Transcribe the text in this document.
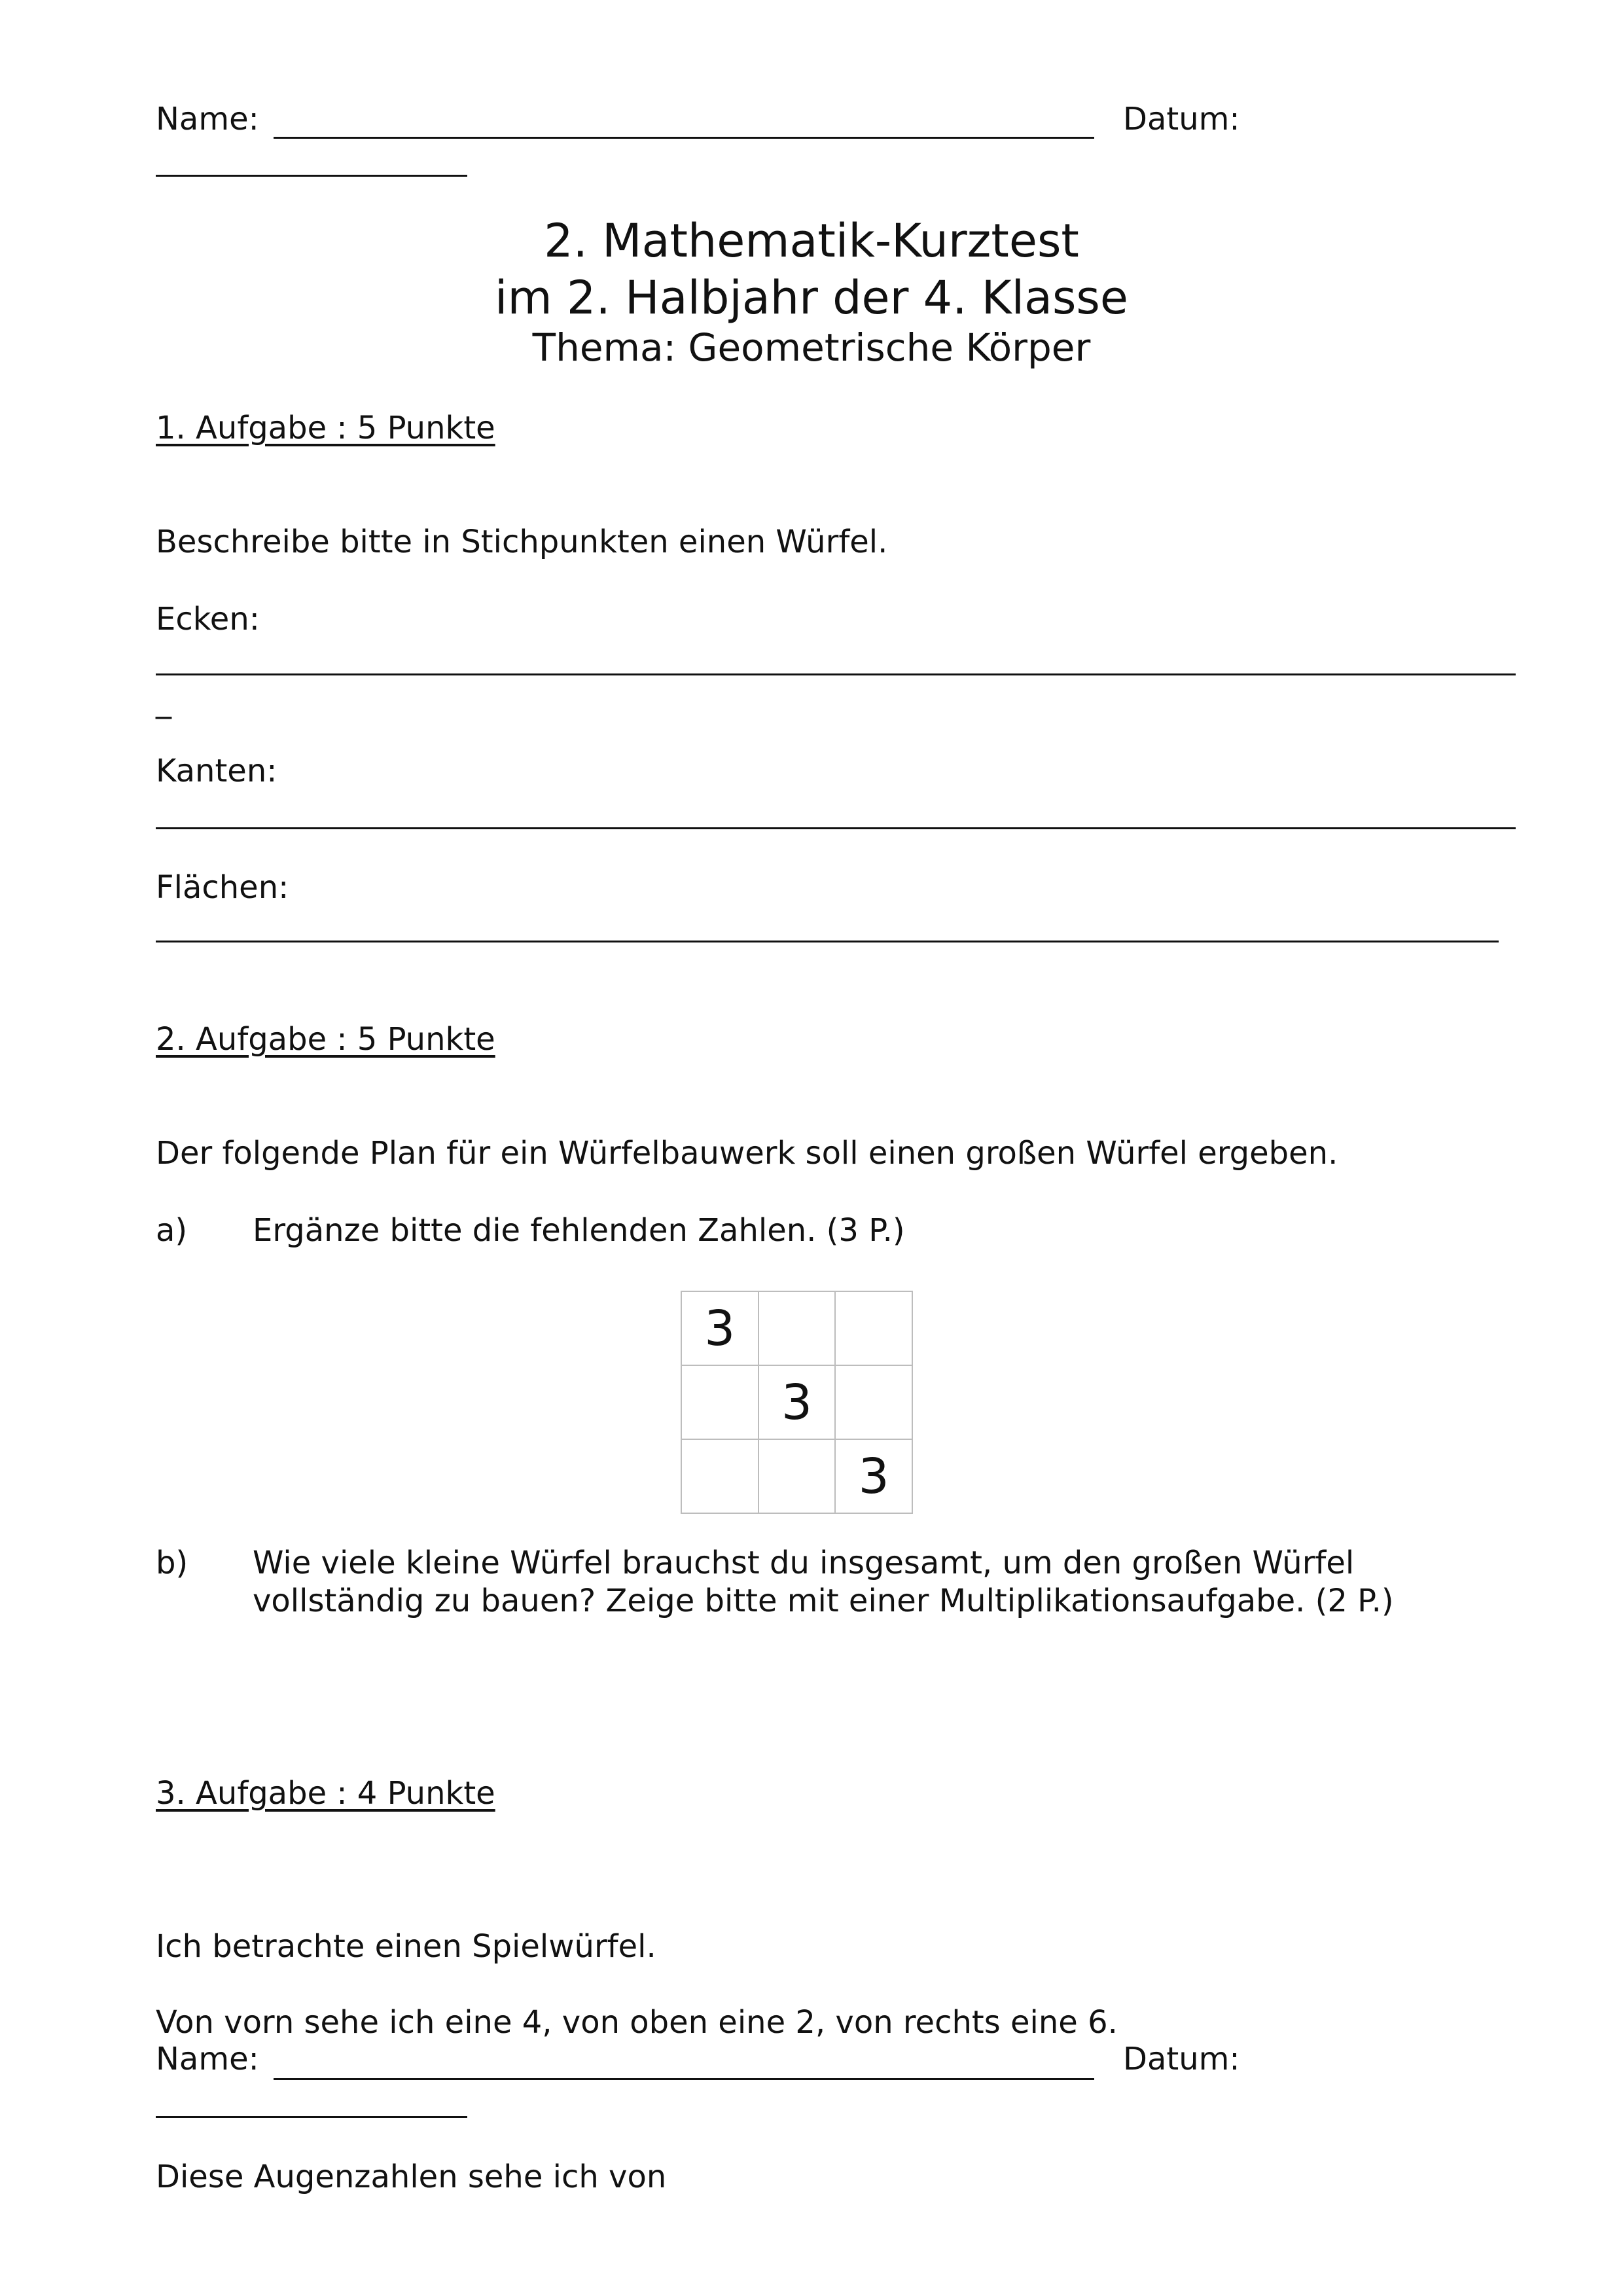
Name:	Datum:
2. Mathematik-Kurztest
im 2. Halbjahr der 4. Klasse
Thema: Geometrische Körper
1. Aufgabe : 5 Punkte
Beschreibe bitte in Stichpunkten einen Würfel.
Ecken:
_
Kanten:
Flächen:
2. Aufgabe : 5 Punkte
Der folgende Plan für ein Würfelbauwerk soll einen großen Würfel ergeben.
a) Ergänze bitte die fehlenden Zahlen. (3 P.)
3		
	3	
		3
b) Wie viele kleine Würfel brauchst du insgesamt, um den großen Würfel
vollständig zu bauen? Zeige bitte mit einer Multiplikationsaufgabe. (2 P.)
3. Aufgabe : 4 Punkte
Ich betrachte einen Spielwürfel.
Von vorn sehe ich eine 4, von oben eine 2, von rechts eine 6.
Name:	Datum:
Diese Augenzahlen sehe ich von
